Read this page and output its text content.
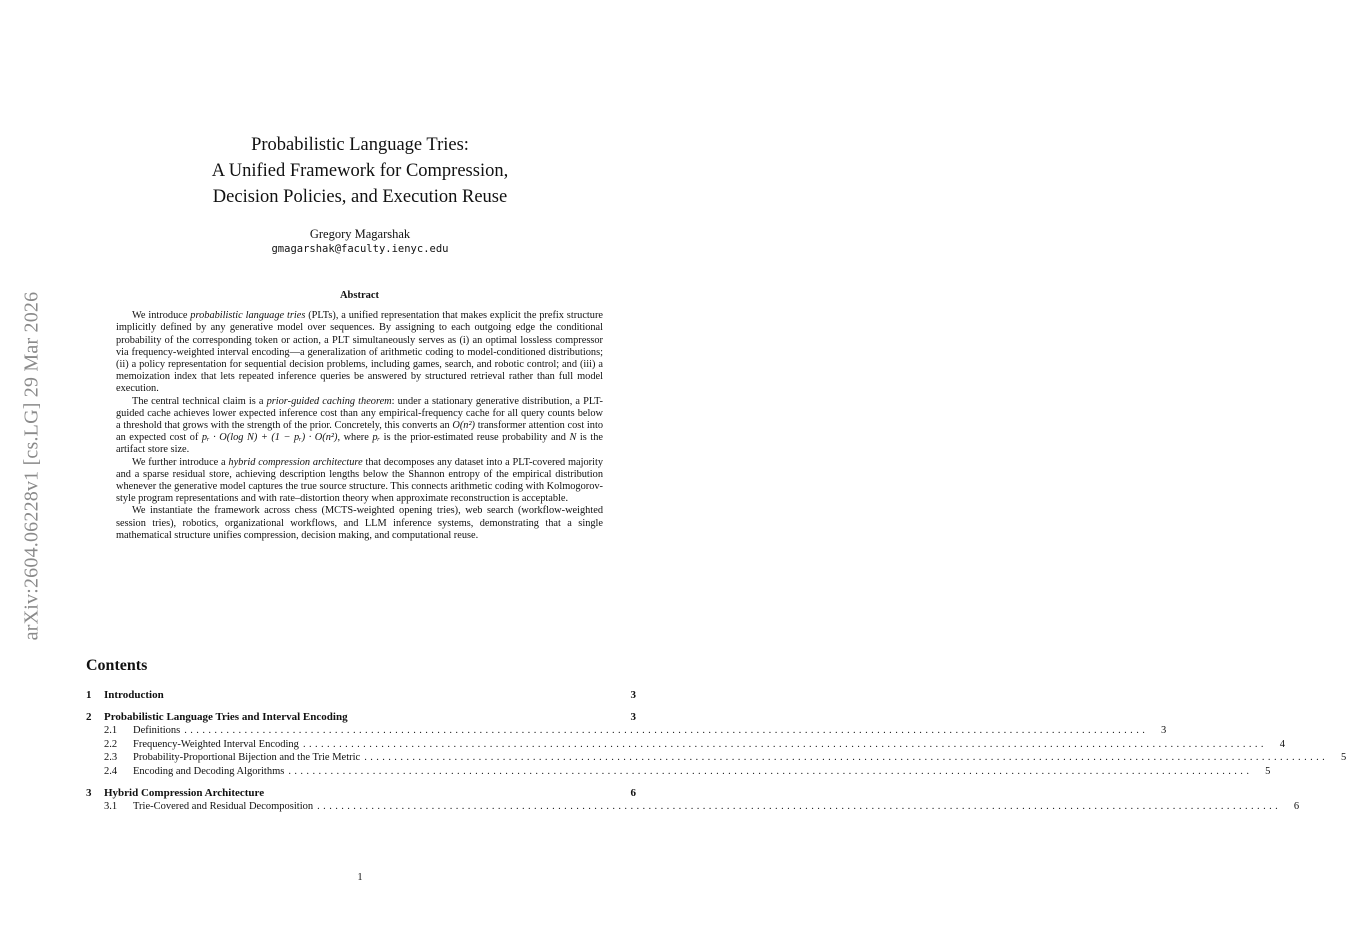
arXiv:2604.06228v1 [cs.LG] 29 Mar 2026
Probabilistic Language Tries:
A Unified Framework for Compression,
Decision Policies, and Execution Reuse
Gregory Magarshak
gmagarshak@faculty.ienyc.edu
Abstract

We introduce probabilistic language tries (PLTs), a unified representation that makes explicit the prefix structure implicitly defined by any generative model over sequences. By assigning to each outgoing edge the conditional probability of the corresponding token or action, a PLT simultaneously serves as (i) an optimal lossless compressor via frequency-weighted interval encoding—a generalization of arithmetic coding to model-conditioned distributions; (ii) a policy representation for sequential decision problems, including games, search, and robotic control; and (iii) a memoization index that lets repeated inference queries be answered by structured retrieval rather than full model execution.

The central technical claim is a prior-guided caching theorem: under a stationary generative distribution, a PLT-guided cache achieves lower expected inference cost than any empirical-frequency cache for all query counts below a threshold that grows with the strength of the prior. Concretely, this converts an O(n²) transformer attention cost into an expected cost of pᵣ · O(log N) + (1 − pᵣ) · O(n²), where pᵣ is the prior-estimated reuse probability and N is the artifact store size.

We further introduce a hybrid compression architecture that decomposes any dataset into a PLT-covered majority and a sparse residual store, achieving description lengths below the Shannon entropy of the empirical distribution whenever the generative model captures the true source structure. This connects arithmetic coding with Kolmogorov-style program representations and with rate–distortion theory when approximate reconstruction is acceptable.

We instantiate the framework across chess (MCTS-weighted opening tries), web search (workflow-weighted session tries), robotics, organizational workflows, and LLM inference systems, demonstrating that a single mathematical structure unifies compression, decision making, and computational reuse.

Contents
1	Introduction	3
2	Probabilistic Language Tries and Interval Encoding	3
2.1	Definitions ................................................................................................................................................................	3
2.2	Frequency-Weighted Interval Encoding ................................................................................................................................................................	4
2.3	Probability-Proportional Bijection and the Trie Metric ................................................................................................................................................................	5
2.4	Encoding and Decoding Algorithms ................................................................................................................................................................	5
3	Hybrid Compression Architecture	6
3.1	Trie-Covered and Residual Decomposition ................................................................................................................................................................	6
1
